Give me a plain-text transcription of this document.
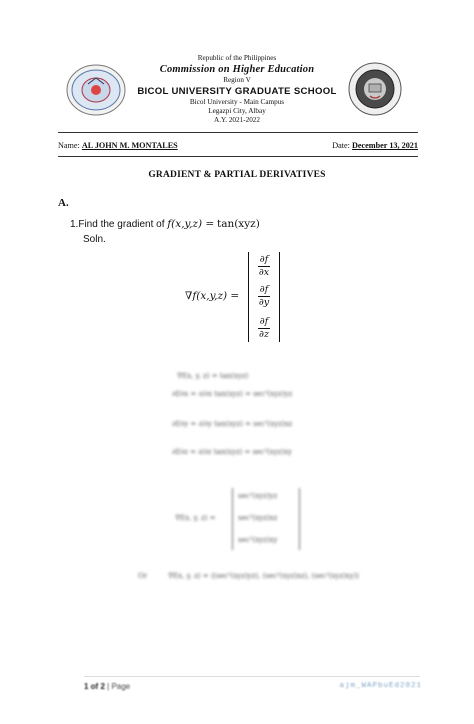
Republic of the Philippines
Commission on Higher Education
Region V
BICOL UNIVERSITY GRADUATE SCHOOL
Bicol University - Main Campus
Legazpi City, Albay
A.Y. 2021-2022
Name: AL JOHN M. MONTALES	Date: December 13, 2021
GRADIENT & PARTIAL DERIVATIVES
A.
1.Find the gradient of f(x,y,z) = tan(xyz)
Soln.
∇f(x,y,z) =
$\frac{\partial f}{\partial x}$
$\frac{\partial f}{\partial y}$
$\frac{\partial f}{\partial z}$
∇f(x, y, z) = tan(xyz)
∂f/∂x = ∂/∂x tan(xyz) = sec²(xyz)yz
∂f/∂y = ∂/∂y tan(xyz) = sec²(xyz)xz
∂f/∂z = ∂/∂z tan(xyz) = sec²(xyz)xy
∇f(x, y, z) =
sec²(xyz)yz
sec²(xyz)xz
sec²(xyz)xy
Or	∇f(x, y, z) = ⟨(sec²(xyz)yz), (sec²(xyz)xz), (sec²(xyz)xy)⟩
1 of 2 | Page	ajm_WAPbuEd2021
